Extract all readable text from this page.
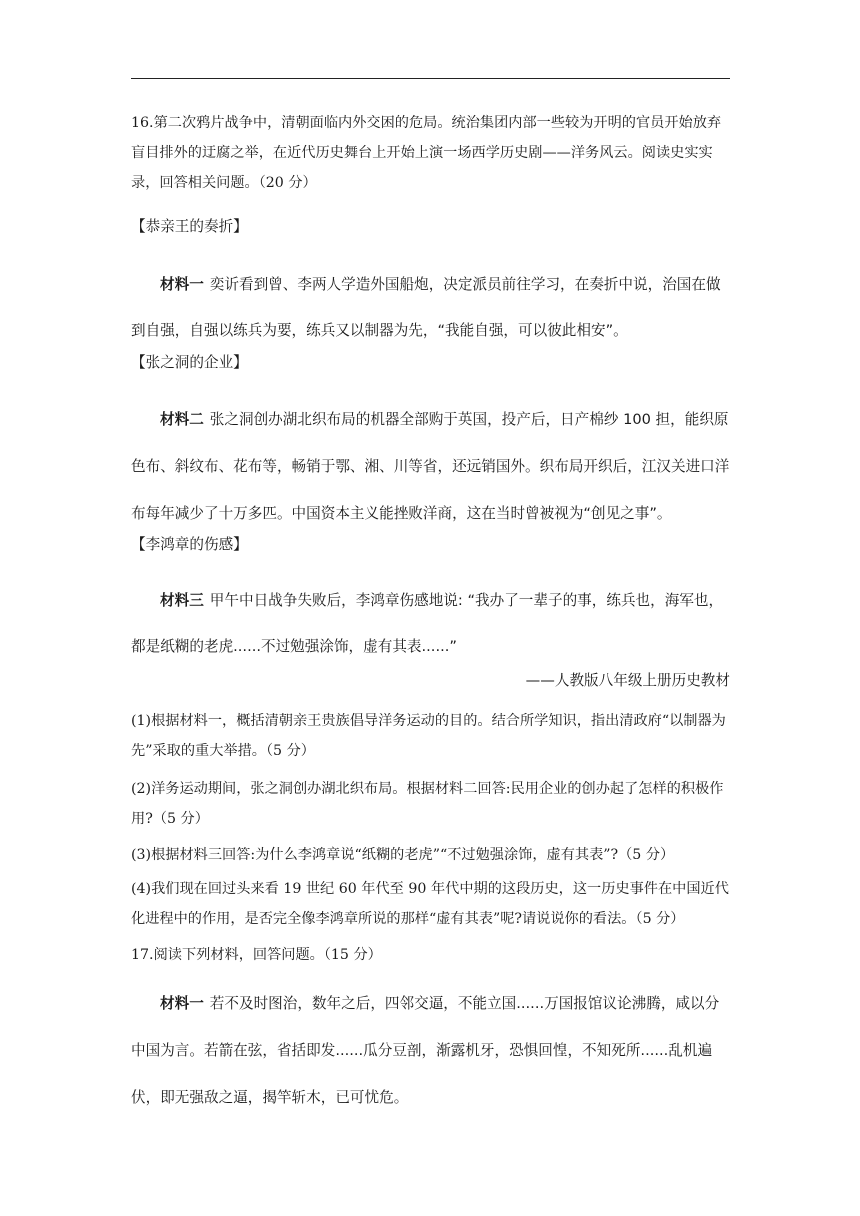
16.第二次鸦片战争中，清朝面临内外交困的危局。统治集团内部一些较为开明的官员开始放弃盲目排外的迂腐之举，在近代历史舞台上开始上演一场西学历史剧——洋务风云。阅读史实实录，回答相关问题。（20 分）

【恭亲王的奏折】

材料一 奕䜣看到曾、李两人学造外国船炮，决定派员前往学习，在奏折中说，治国在做到自强，自强以练兵为要，练兵又以制器为先，“我能自强，可以彼此相安”。

【张之洞的企业】

材料二 张之洞创办湖北织布局的机器全部购于英国，投产后，日产棉纱 100 担，能织原色布、斜纹布、花布等，畅销于鄂、湘、川等省，还远销国外。织布局开织后，江汉关进口洋布每年减少了十万多匹。中国资本主义能挫败洋商，这在当时曾被视为“创见之事”。

【李鸿章的伤感】

材料三 甲午中日战争失败后，李鸿章伤感地说: “我办了一辈子的事，练兵也，海军也，都是纸糊的老虎......不过勉强涂饰，虚有其表......”

——人教版八年级上册历史教材

(1)根据材料一，概括清朝亲王贵族倡导洋务运动的目的。结合所学知识，指出清政府“以制器为先”采取的重大举措。（5 分）

(2)洋务运动期间，张之洞创办湖北织布局。根据材料二回答:民用企业的创办起了怎样的积极作用?（5 分）

(3)根据材料三回答:为什么李鸿章说“纸糊的老虎”“不过勉强涂饰，虚有其表”?（5 分）

(4)我们现在回过头来看 19 世纪 60 年代至 90 年代中期的这段历史，这一历史事件在中国近代化进程中的作用，是否完全像李鸿章所说的那样“虚有其表”呢?请说说你的看法。（5 分）

17.阅读下列材料，回答问题。（15 分）

材料一 若不及时图治，数年之后，四邻交逼，不能立国......万国报馆议论沸腾，咸以分中国为言。若箭在弦，省括即发......瓜分豆剖，渐露机牙，恐惧回惶，不知死所......乱机遍伏，即无强敌之逼，揭竿斩木，已可忧危。
